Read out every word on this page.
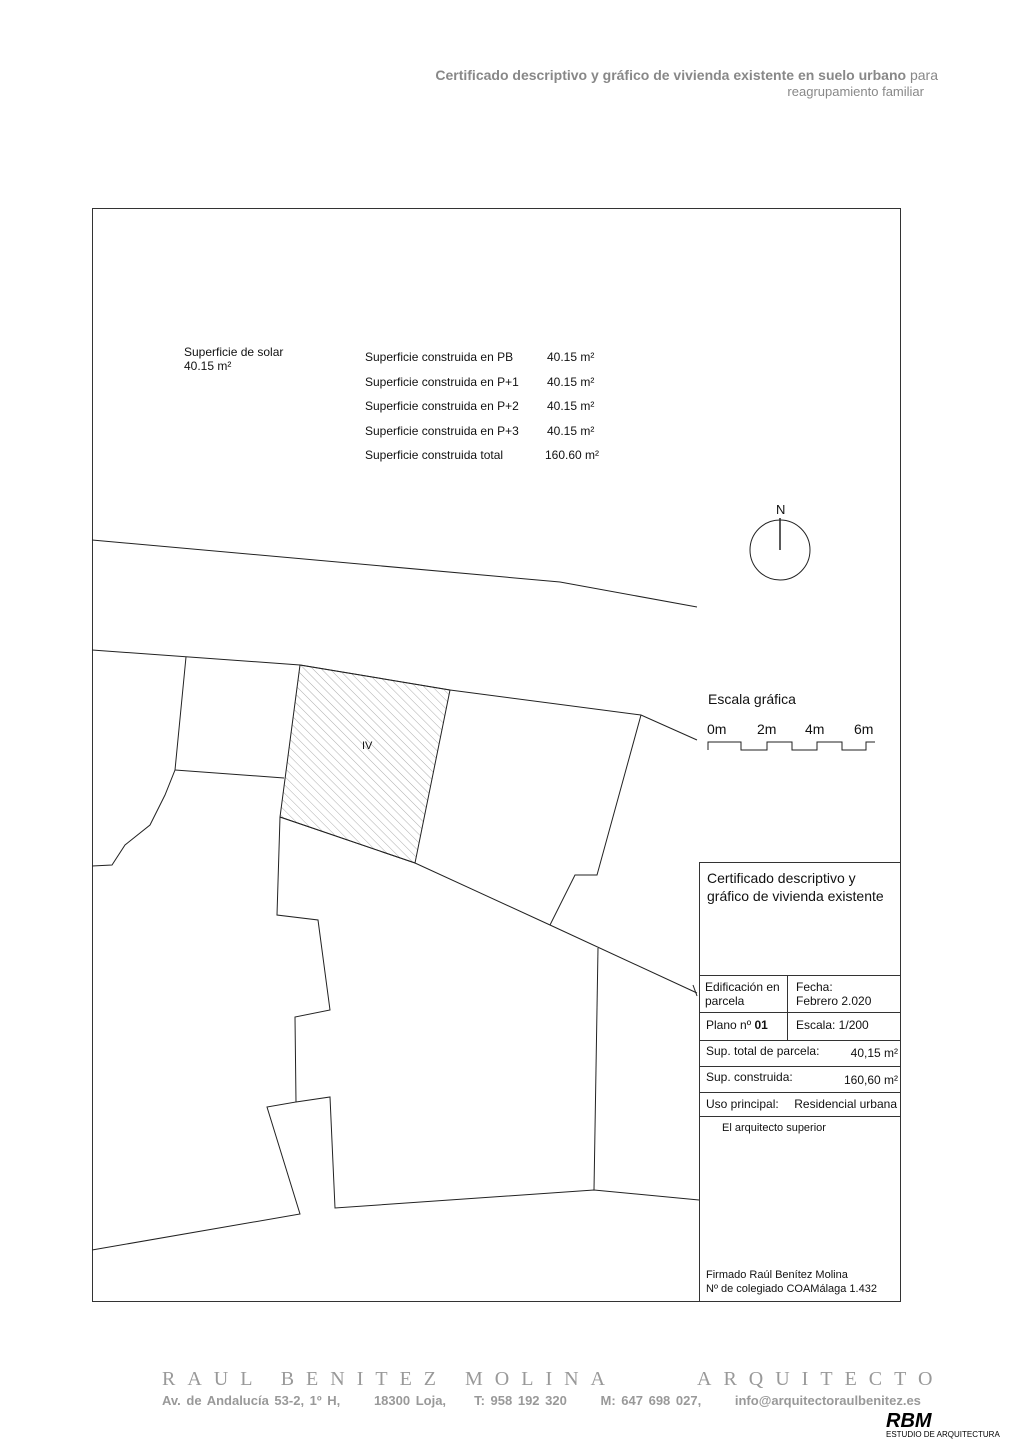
Certificado descriptivo y gráfico de vivienda existente en suelo urbano para
reagrupamiento familiar
Superficie de solar
40.15 m²
Superficie construida en PB	40.15 m²
Superficie construida en P+1 40.15 m²
Superficie construida en P+2 40.15 m²
Superficie construida en P+3 40.15 m²
Superficie construida total	160.60 m²
IV
N
Escala gráfica
0m 2m 4m 6m
Certificado descriptivo y gráfico de vivienda existente
Edificación en parcela
Fecha:
Febrero 2.020
Plano nº 01 Escala: 1/200
Sup. total de parcela:	40,15 m²
Sup. construida:	160,60 m²
Uso principal: Residencial urbana
El arquitecto superior
Firmado Raúl Benítez Molina
Nº de colegiado COAMálaga 1.432
RAUL BENITEZ MOLINA	ARQUITECTO
Av. de Andalucía 53-2, 1º H,	18300 Loja, T: 958 192 320	M: 647 698 027,	info@arquitectoraulbenitez.es
RBM
ESTUDIO DE ARQUITECTURA
